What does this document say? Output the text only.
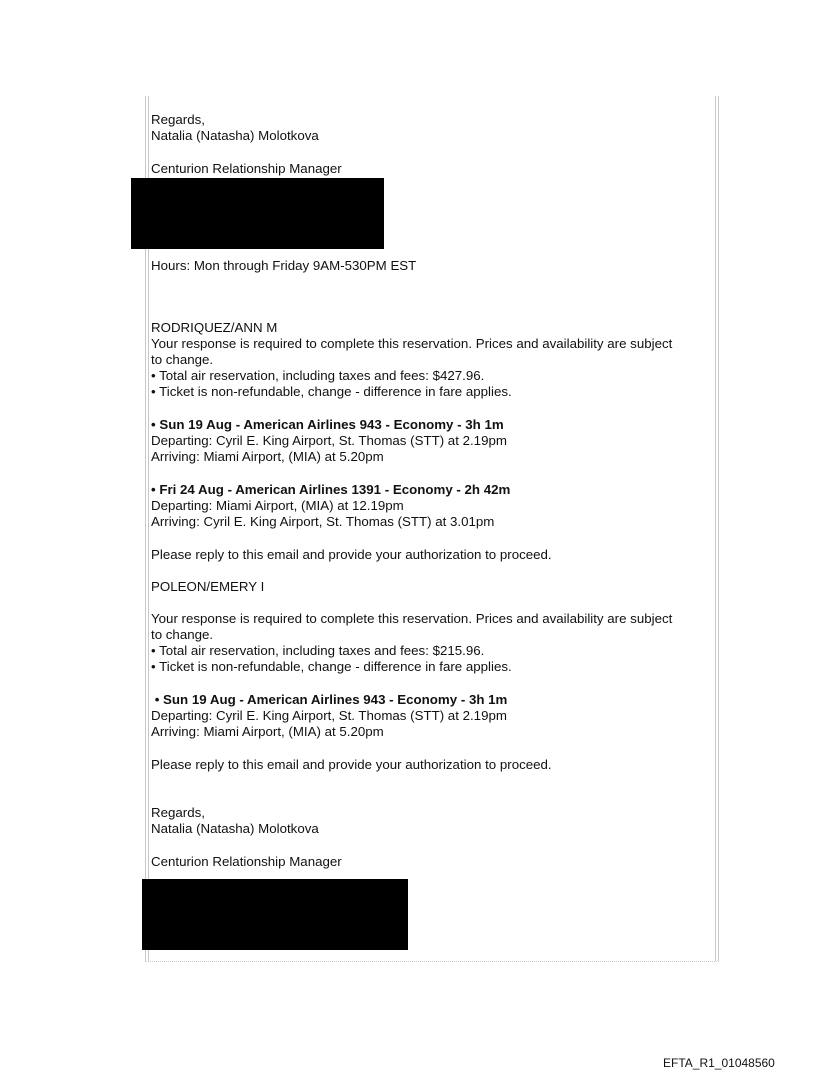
Regards,
Natalia (Natasha) Molotkova
Centurion Relationship Manager
Hours: Mon through Friday 9AM-530PM EST
RODRIQUEZ/ANN M
Your response is required to complete this reservation. Prices and availability are subject
to change.
• Total air reservation, including taxes and fees: $427.96.
• Ticket is non-refundable, change - difference in fare applies.
• Sun 19 Aug - American Airlines 943 - Economy - 3h 1m
Departing: Cyril E. King Airport, St. Thomas (STT) at 2.19pm
Arriving: Miami Airport, (MIA) at 5.20pm
• Fri 24 Aug - American Airlines 1391 - Economy - 2h 42m
Departing: Miami Airport, (MIA) at 12.19pm
Arriving: Cyril E. King Airport, St. Thomas (STT) at 3.01pm
Please reply to this email and provide your authorization to proceed.
POLEON/EMERY I
Your response is required to complete this reservation. Prices and availability are subject
to change.
• Total air reservation, including taxes and fees: $215.96.
• Ticket is non-refundable, change - difference in fare applies.
• Sun 19 Aug - American Airlines 943 - Economy - 3h 1m
Departing: Cyril E. King Airport, St. Thomas (STT) at 2.19pm
Arriving: Miami Airport, (MIA) at 5.20pm
Please reply to this email and provide your authorization to proceed.
Regards,
Natalia (Natasha) Molotkova
Centurion Relationship Manager
EFTA_R1_01048560
